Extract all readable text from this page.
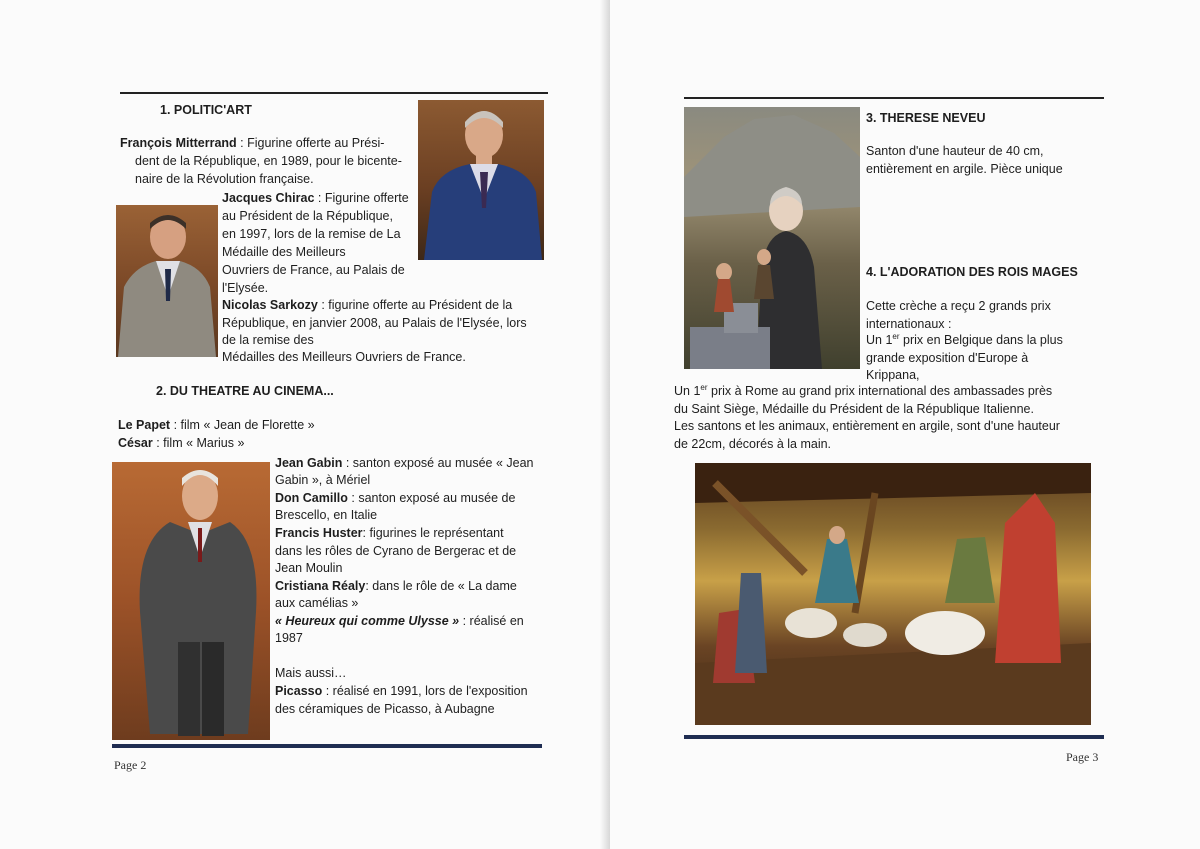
1. POLITIC'ART
François Mitterrand : Figurine offerte au Prési-
dent de la République, en 1989, pour le bicente-
naire de la Révolution française.
Jacques Chirac : Figurine offerte
au Président de la République,
en 1997, lors de la remise de La
Médaille des Meilleurs
Ouvriers de France, au Palais de
l'Elysée.
Nicolas Sarkozy : figurine offerte au Président de la
République, en janvier 2008, au Palais de l'Elysée, lors
de la remise des
Médailles des Meilleurs Ouvriers de France.
2. DU THEATRE AU CINEMA...
Le Papet : film « Jean de Florette »
César : film « Marius »
Jean Gabin : santon exposé au musée « Jean
Gabin », à Mériel
Don Camillo : santon exposé au musée de
Brescello, en Italie
Francis Huster: figurines le représentant
dans les rôles de Cyrano de Bergerac et de
Jean Moulin
Cristiana Réaly: dans le rôle de « La dame
aux camélias »
« Heureux qui comme Ulysse » : réalisé en
1987
Mais aussi…
Picasso : réalisé en 1991, lors de l'exposition
des céramiques de Picasso, à Aubagne
Page 2
3. THERESE NEVEU
Santon d'une hauteur de 40 cm,
entièrement en argile. Pièce unique
4. L'ADORATION DES ROIS MAGES
Cette crèche a reçu 2 grands prix
internationaux :
Un 1er prix en Belgique dans la plus
grande exposition d'Europe à
Krippana,
Un 1er prix à Rome au grand prix international des ambassades près
du Saint Siège, Médaille du Président de la République Italienne.
Les santons et les animaux, entièrement en argile, sont d'une hauteur
de 22cm, décorés à la main.
Page 3
